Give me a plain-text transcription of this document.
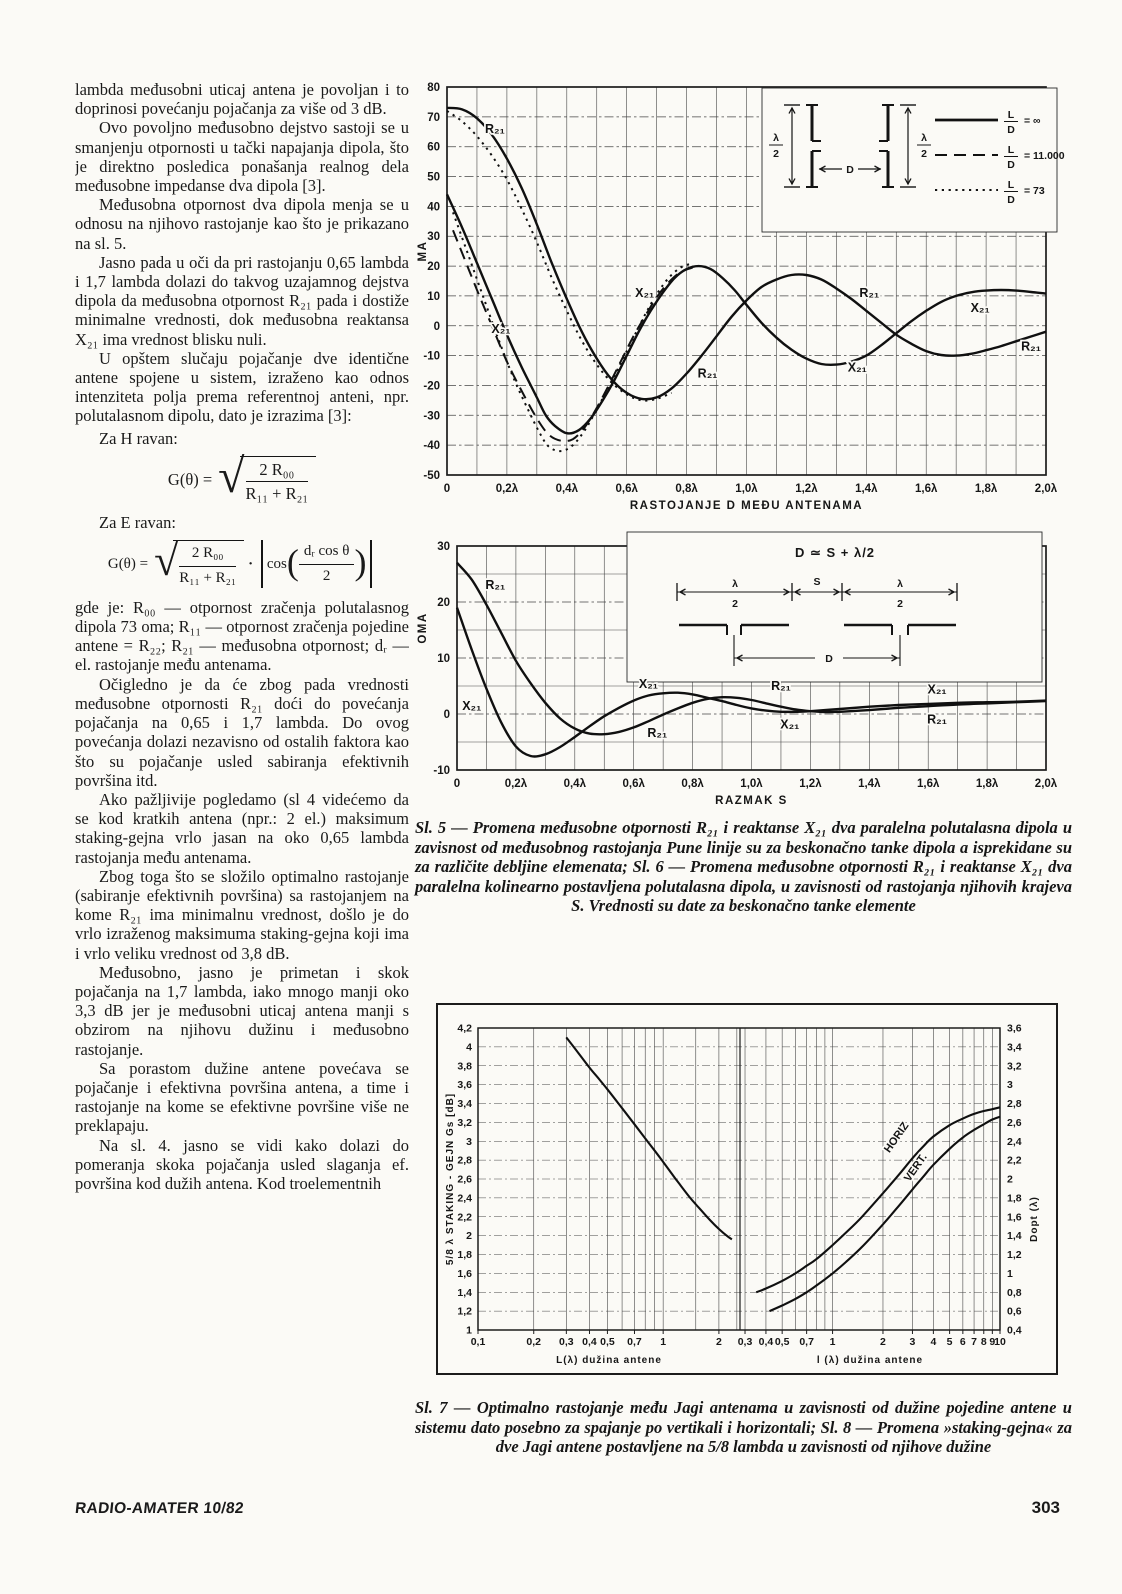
lambda međusobni uticaj antena je povoljan i to doprinosi povećanju pojačanja za više od 3 dB.

Ovo povoljno međusobno dejstvo sastoji se u smanjenju otpornosti u tački napajanja dipola, što je direktno posledica ponašanja realnog dela međusobne impedanse dva dipola [3].

Međusobna otpornost dva dipola menja se u odnosu na njihovo rastojanje kao što je prikazano na sl. 5.

Jasno pada u oči da pri rastojanju 0,65 lambda i 1,7 lambda dolazi do takvog uzajamnog dejstva dipola da međusobna otpornost R₂₁ pada i dostiže minimalne vrednosti, dok međusobna reaktansa X₂₁ ima vrednost blisku nuli.

U opštem slučaju pojačanje dve identične antene spojene u sistem, izraženo kao odnos intenziteta polja prema referentnoj anteni, npr. polutalasnom dipolu, dato je izrazima [3]:

Za H ravan:

G(θ) = √ $\frac{\text{2 R₀₀}}{\text{R₁₁ + R₂₁}}$

Za E ravan:

G(θ) = √ $\frac{\text{2 R₀₀}}{\text{R₁₁ + R₂₁}} \cdot \cos$ ( $\frac{\text{dᵣ cos θ}}{2}$ )

gde je: R₀₀ — otpornost zračenja polutalasnog dipola 73 oma; R₁₁ — otpornost zračenja pojedine antene = R₂₂; R₂₁ — međusobna otpornost; dᵣ — el. rastojanje među antenama.

Očigledno je da će zbog pada vrednosti međusobne otpornosti R₂₁ doći do povećanja pojačanja na 0,65 i 1,7 lambda. Do ovog povećanja dolazi nezavisno od ostalih faktora kao što su pojačanje usled sabiranja efektivnih površina itd.

Ako pažljivije pogledamo (sl 4 videćemo da se kod kratkih antena (npr.: 2 el.) maksimum staking-gejna vrlo jasan na oko 0,65 lambda rastojanja među antenama.

Zbog toga što se složilo optimalno rastojanje (sabiranje efektivnih površina) sa rastojanjem na kome R₂₁ ima minimalnu vrednost, došlo je do vrlo izraženog maksimuma staking-gejna koji ima i vrlo veliku vrednost od 3,8 dB.

Međusobno, jasno je primetan i skok pojačanja na 1,7 lambda, iako mnogo manji oko 3,3 dB jer je međusobni uticaj antena manji s obzirom na njihovu dužinu i međusobno rastojanje.

Sa porastom dužine antene povećava se pojačanje i efektivna površina antena, a time i rastojanje na kome se efektivne površine više ne preklapaju.

Na sl. 4. jasno se vidi kako dolazi do pomeranja skoka pojačanja usled slaganja ef. površina kod dužih antena. Kod troelementnih

-50
-40
-30
-20
-10
0
10
20
30
40
50
60
70
80
0	0,2λ	0,4λ	0,6λ	0,8λ	1,0λ	1,2λ	1,4λ	1,6λ	1,8λ	2,0λ
RASTOJANJE D MEĐU ANTENAMA
MA
L
D
= ∞
L
D
= 11.000
L
D
= 73
λ
2
λ
2
D
R₂₁
X₂₁
X₂₁
R₂₁
R₂₁
X₂₁
X₂₁
R₂₁
-10
0
10
20
30
0	0,2λ	0,4λ	0,6λ	0,8λ	1,0λ	1,2λ	1,4λ	1,6λ	1,8λ	2,0λ
RAZMAK S
OMA
D ≃ S + λ/2
λ
2
S	λ
2
D
R₂₁
X₂₁
X₂₁
R₂₁
R₂₁
X₂₁
X₂₁
R₂₁
Sl. 5 — Promena međusobne otpornosti R₂₁ i reaktanse X₂₁ dva paralelna polutalasna dipola u zavisnost od međusobnog rastojanja Pune linije su za beskonačno tanke dipola a isprekidane su za različite debljine elemenata; Sl. 6 — Promena međusobne otpornosti R₂₁ i reaktanse X₂₁ dva paralelna kolinearno postavljena polutalasna dipola, u zavisnosti od rastojanja njihovih krajeva S. Vrednosti su date za beskonačno tanke elemente
1
1,2
1,4
1,6
1,8
2
2,2
2,4
2,6
2,8
3
3,2
3,4
3,6
3,8
4
4,2
0,4
0,6
0,8
1
1,2
1,4
1,6
1,8
2
2,2
2,4
2,6
2,8
3
3,2
3,4
3,6
0,1	0,2 0,3 0,4 0,5 0,7 1	2 0,3 0,4 0,5 0,7 1	2 3 4 5 6 7 8 9
10
L(λ) dužina antene	l (λ) dužina antene
5/8 λ STAKING - GEJN Gs [dB]	Dopt (λ)
HORIZ
VERT.
Sl. 7 — Optimalno rastojanje među Jagi antenama u zavisnosti od dužine pojedine antene u sistemu dato posebno za spajanje po vertikali i horizontali; Sl. 8 — Promena »staking-gejna« za dve Jagi antene postavljene na 5/8 lambda u zavisnosti od njihove dužine
RADIO-AMATER 10/82	303
